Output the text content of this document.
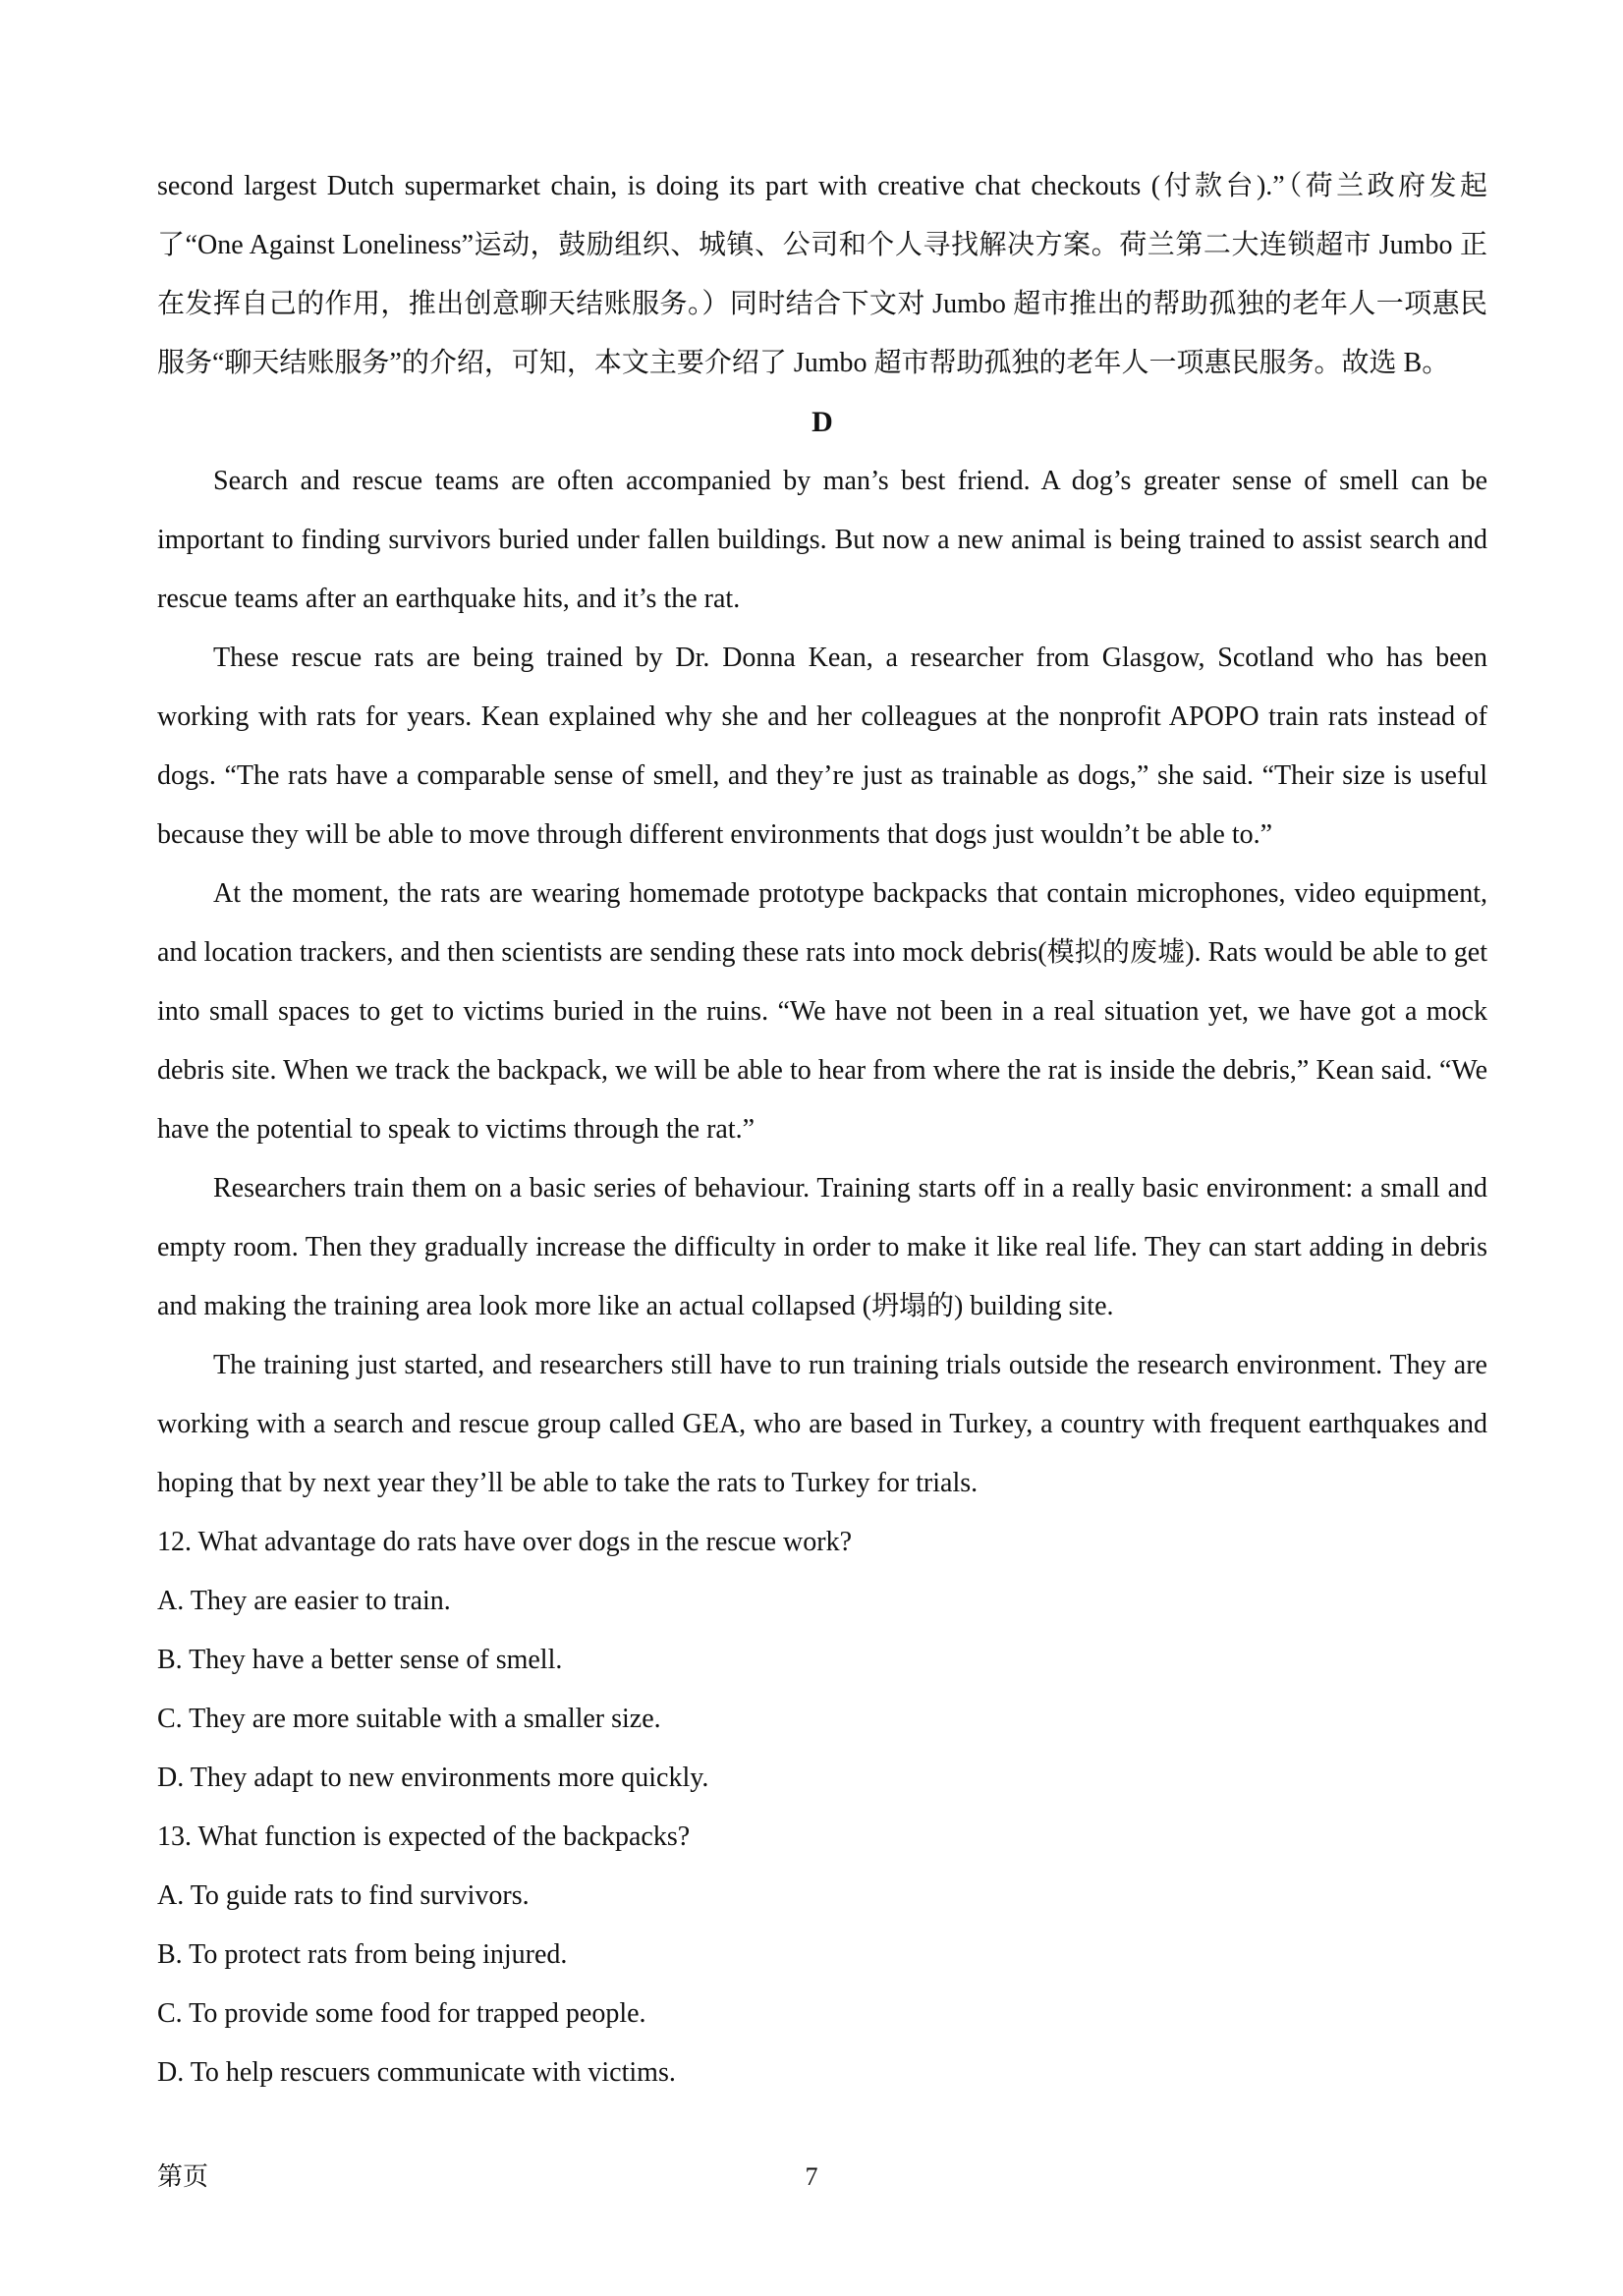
second largest Dutch supermarket chain, is doing its part with creative chat checkouts (付款台).”（荷兰政府发起了“One Against Loneliness”运动，鼓励组织、城镇、公司和个人寻找解决方案。荷兰第二大连锁超市 Jumbo 正在发挥自己的作用，推出创意聊天结账服务。）同时结合下文对 Jumbo 超市推出的帮助孤独的老年人一项惠民服务“聊天结账服务”的介绍，可知，本文主要介绍了 Jumbo 超市帮助孤独的老年人一项惠民服务。故选 B。

D

Search and rescue teams are often accompanied by man’s best friend. A dog’s greater sense of smell can be important to finding survivors buried under fallen buildings. But now a new animal is being trained to assist search and rescue teams after an earthquake hits, and it’s the rat.

These rescue rats are being trained by Dr. Donna Kean, a researcher from Glasgow, Scotland who has been working with rats for years. Kean explained why she and her colleagues at the nonprofit APOPO train rats instead of dogs. “The rats have a comparable sense of smell, and they’re just as trainable as dogs,” she said. “Their size is useful because they will be able to move through different environments that dogs just wouldn’t be able to.”

At the moment, the rats are wearing homemade prototype backpacks that contain microphones, video equipment, and location trackers, and then scientists are sending these rats into mock debris(模拟的废墟). Rats would be able to get into small spaces to get to victims buried in the ruins. “We have not been in a real situation yet, we have got a mock debris site. When we track the backpack, we will be able to hear from where the rat is inside the debris,” Kean said. “We have the potential to speak to victims through the rat.”

Researchers train them on a basic series of behaviour. Training starts off in a really basic environment: a small and empty room. Then they gradually increase the difficulty in order to make it like real life. They can start adding in debris and making the training area look more like an actual collapsed (坍塌的) building site.

The training just started, and researchers still have to run training trials outside the research environment. They are working with a search and rescue group called GEA, who are based in Turkey, a country with frequent earthquakes and hoping that by next year they’ll be able to take the rats to Turkey for trials.

12. What advantage do rats have over dogs in the rescue work?

A. They are easier to train.

B. They have a better sense of smell.

C. They are more suitable with a smaller size.

D. They adapt to new environments more quickly.

13. What function is expected of the backpacks?

A. To guide rats to find survivors.

B. To protect rats from being injured.

C. To provide some food for trapped people.

D. To help rescuers communicate with victims.

第页	7
